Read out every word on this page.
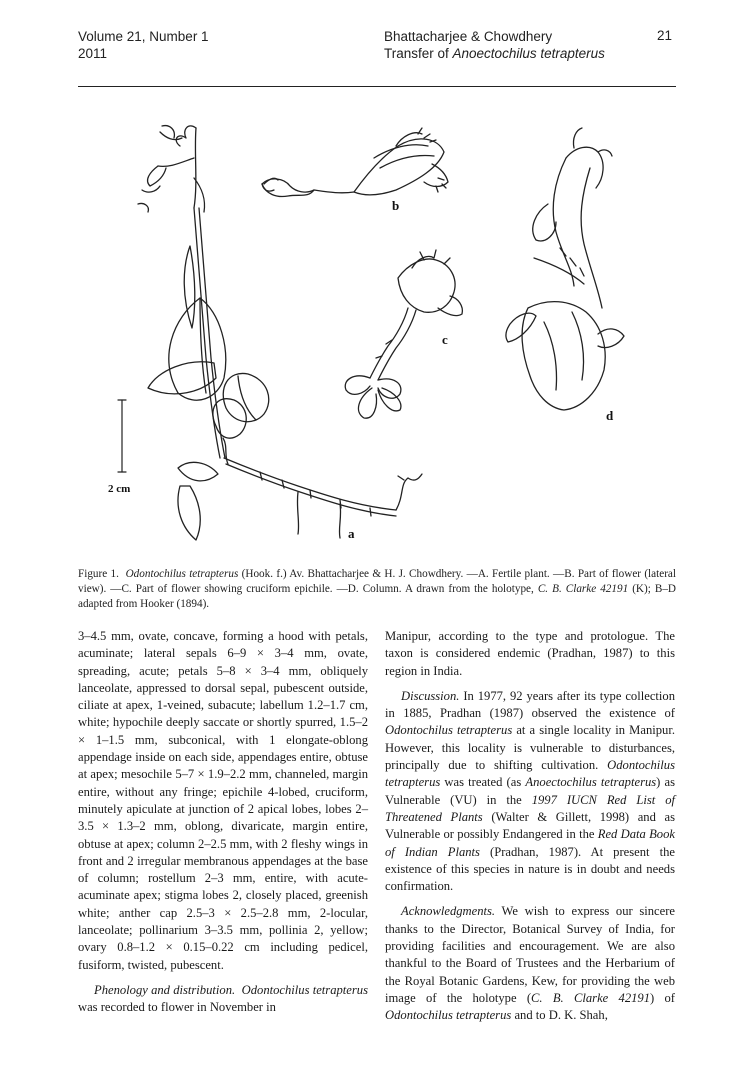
Volume 21, Number 1
2011
Bhattacharjee & Chowdhery
Transfer of Anoectochilus tetrapterus
21
b
c
d
a
2 cm
Figure 1. Odontochilus tetrapterus (Hook. f.) Av. Bhattacharjee & H. J. Chowdhery. —A. Fertile plant. —B. Part of flower (lateral view). —C. Part of flower showing cruciform epichile. —D. Column. A drawn from the holotype, C. B. Clarke 42191 (K); B–D adapted from Hooker (1894).

3–4.5 mm, ovate, concave, forming a hood with petals, acuminate; lateral sepals 6–9 × 3–4 mm, ovate, spreading, acute; petals 5–8 × 3–4 mm, obliquely lanceolate, appressed to dorsal sepal, pubescent outside, ciliate at apex, 1-veined, subacute; labellum 1.2–1.7 cm, white; hypochile deeply saccate or shortly spurred, 1.5–2 × 1–1.5 mm, subconical, with 1 elongate-oblong appendage inside on each side, appendages entire, obtuse at apex; mesochile 5–7 × 1.9–2.2 mm, channeled, margin entire, without any fringe; epichile 4-lobed, cruciform, minutely apiculate at junction of 2 apical lobes, lobes 2–3.5 × 1.3–2 mm, oblong, divaricate, margin entire, obtuse at apex; column 2–2.5 mm, with 2 fleshy wings in front and 2 irregular membranous appendages at the base of column; rostellum 2–3 mm, entire, with acute-acuminate apex; stigma lobes 2, closely placed, greenish white; anther cap 2.5–3 × 2.5–2.8 mm, 2-locular, lanceolate; pollinarium 3–3.5 mm, pollinia 2, yellow; ovary 0.8–1.2 × 0.15–0.22 cm including pedicel, fusiform, twisted, pubescent.

Phenology and distribution. Odontochilus tetrapterus was recorded to flower in November in

Manipur, according to the type and protologue. The taxon is considered endemic (Pradhan, 1987) to this region in India.

Discussion. In 1977, 92 years after its type collection in 1885, Pradhan (1987) observed the existence of Odontochilus tetrapterus at a single locality in Manipur. However, this locality is vulnerable to disturbances, principally due to shifting cultivation. Odontochilus tetrapterus was treated (as Anoectochilus tetrapterus) as Vulnerable (VU) in the 1997 IUCN Red List of Threatened Plants (Walter & Gillett, 1998) and as Vulnerable or possibly Endangered in the Red Data Book of Indian Plants (Pradhan, 1987). At present the existence of this species in nature is in doubt and needs confirmation.

Acknowledgments. We wish to express our sincere thanks to the Director, Botanical Survey of India, for providing facilities and encouragement. We are also thankful to the Board of Trustees and the Herbarium of the Royal Botanic Gardens, Kew, for providing the web image of the holotype (C. B. Clarke 42191) of Odontochilus tetrapterus and to D. K. Shah,
